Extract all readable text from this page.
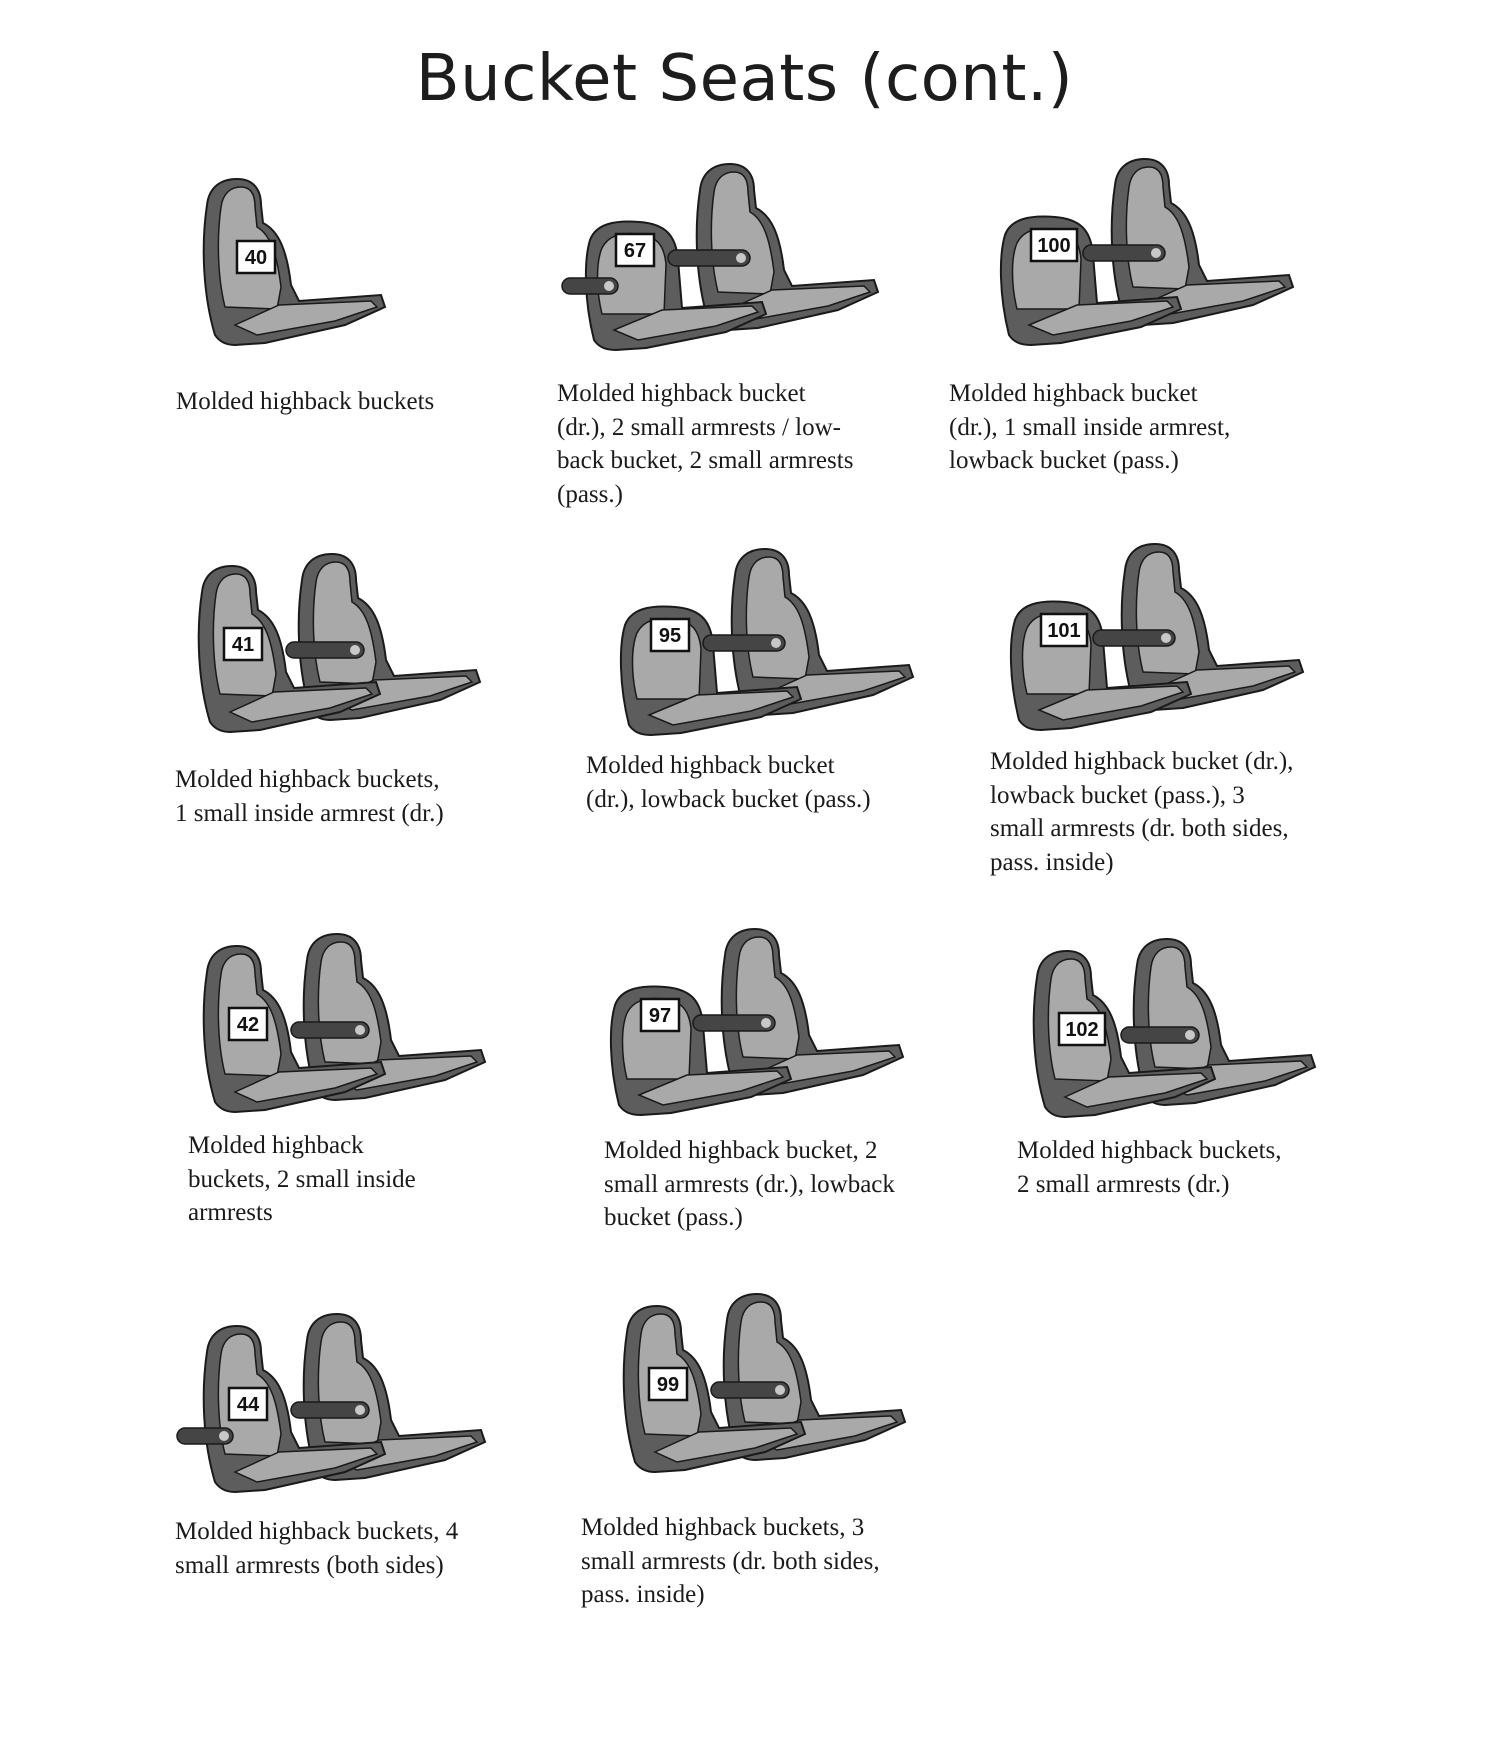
Bucket Seats (cont.)
40	67	100
41	95	101
42	97
102
44
99

Molded highback buckets	Molded highback bucket
(dr.), 2 small armrests / low-
back bucket, 2 small armrests
(pass.)

Molded highback bucket
(dr.), 1 small inside armrest,
lowback bucket (pass.)

Molded highback buckets,
1 small inside armrest (dr.)

Molded highback bucket
(dr.), lowback bucket (pass.)

Molded highback bucket (dr.),
lowback bucket (pass.), 3
small armrests (dr. both sides,
pass. inside)

Molded highback
buckets, 2 small inside
armrests

Molded highback bucket, 2
small armrests (dr.), lowback
bucket (pass.)

Molded highback buckets,
2 small armrests (dr.)

Molded highback buckets, 4
small armrests (both sides)

Molded highback buckets, 3
small armrests (dr. both sides,
pass. inside)
